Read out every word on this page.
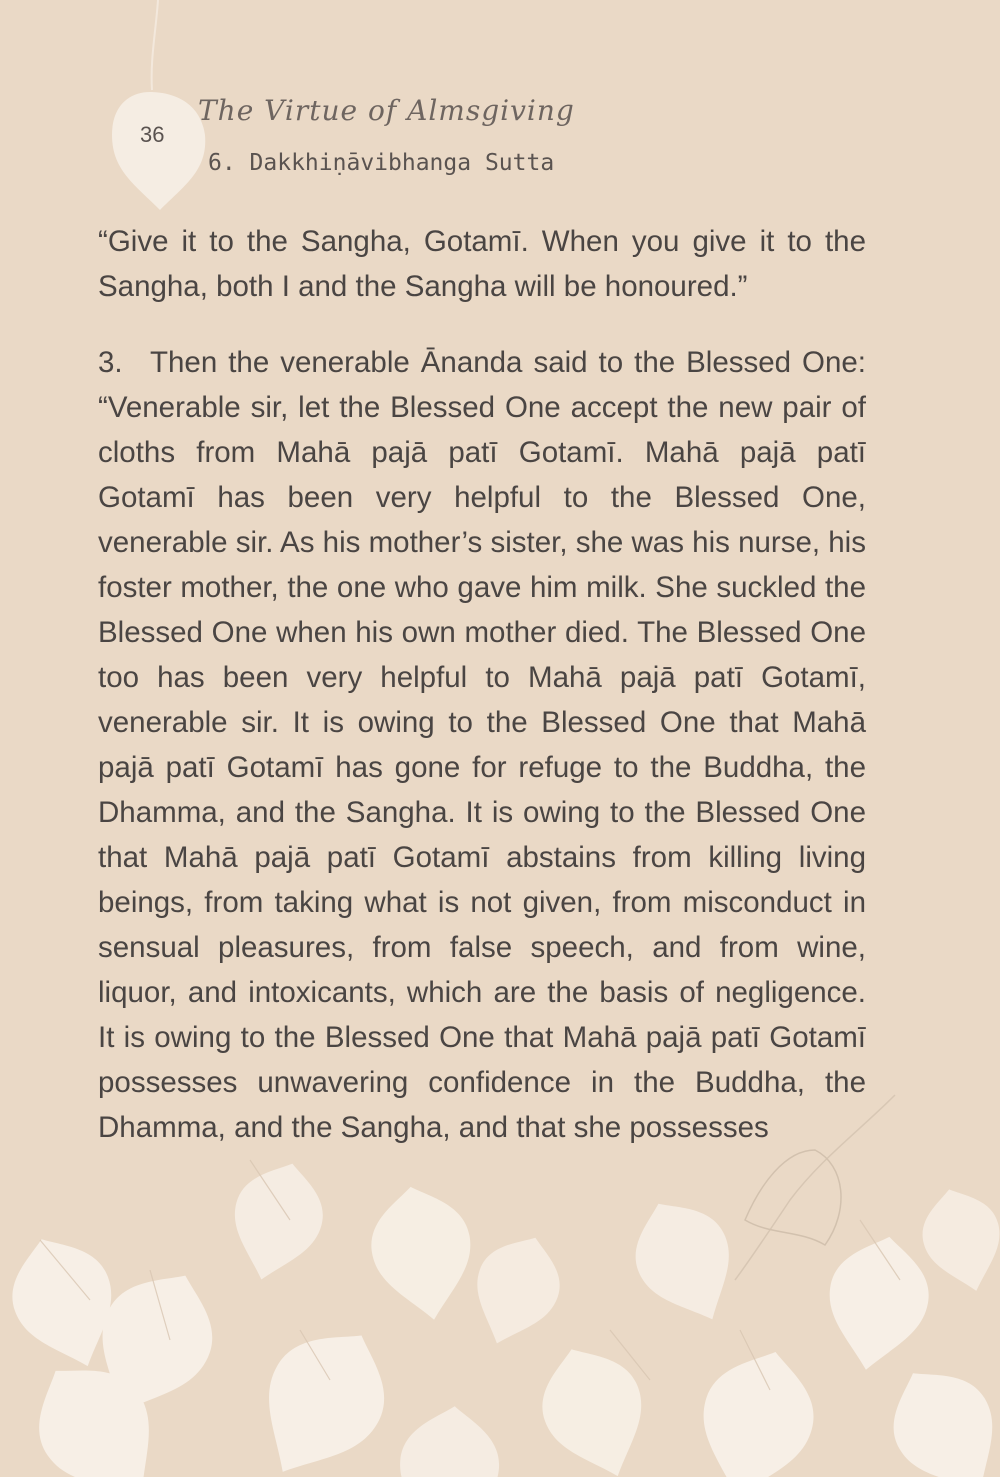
36
The Virtue of Almsgiving
6. Dakkhiṇāvibhanga Sutta

“Give it to the Sangha, Gotamī. When you give it to the Sangha, both I and the Sangha will be honoured.”

3. Then the venerable Ānanda said to the Blessed One: “Venerable sir, let the Blessed One accept the new pair of cloths from Mahā pajā patī Gotamī. Mahā pajā patī Gotamī has been very helpful to the Blessed One, venerable sir. As his mother’s sister, she was his nurse, his foster mother, the one who gave him milk. She suckled the Blessed One when his own mother died. The Blessed One too has been very helpful to Mahā pajā patī Gotamī, venerable sir. It is owing to the Blessed One that Mahā pajā patī Gotamī has gone for refuge to the Buddha, the Dhamma, and the Sangha. It is owing to the Blessed One that Mahā pajā patī Gotamī abstains from killing living beings, from taking what is not given, from misconduct in sensual pleasures, from false speech, and from wine, liquor, and intoxicants, which are the basis of negligence. It is owing to the Blessed One that Mahā pajā patī Gotamī possesses unwavering confidence in the Buddha, the Dhamma, and the Sangha, and that she possesses
